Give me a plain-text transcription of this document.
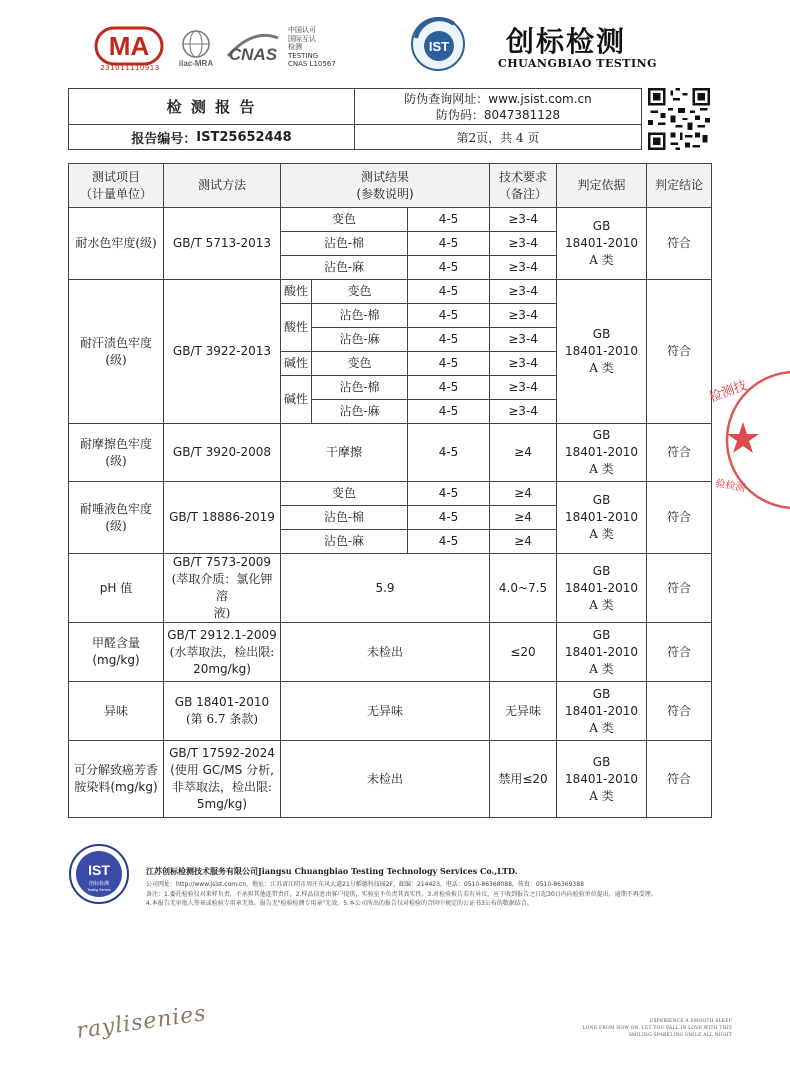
MA
231011110913	ilac-MRA CNAS
中国认可
国际互认
检测
TESTING
CNAS L10567
IST 创标检测
CHUANGBIAO TESTING
检 测 报 告	防伪查询网址：www.jsist.com.cn
防伪码：8047381128
报告编号： IST25652448	第2页，共 4 页
测试项目
（计量单位）	测试方法	测试结果
(参数说明)			技术要求
（备注）	判定依据	判定结论
耐水色牢度(级)	GB/T 5713-2013	变色		4-5	≥3-4	GB
18401-2010
A 类	符合
		沾色-棉		4-5	≥3-4		
		沾色-麻		4-5	≥3-4		
耐汗渍色牢度
(级)	GB/T 3922-2013	酸性	变色	4-5	≥3-4	GB
18401-2010
A 类	符合
		酸性	沾色-棉	4-5	≥3-4		
			沾色-麻	4-5	≥3-4		
		碱性	变色	4-5	≥3-4		
		碱性	沾色-棉	4-5	≥3-4		
			沾色-麻	4-5	≥3-4		
耐摩擦色牢度
(级)	GB/T 3920-2008	干摩擦		4-5	≥4	GB
18401-2010
A 类	符合
耐唾液色牢度
(级)	GB/T 18886-2019	变色		4-5	≥4	GB
18401-2010
A 类	符合
		沾色-棉		4-5	≥4		
		沾色-麻		4-5	≥4		
pH 值	GB/T 7573-2009
(萃取介质：氯化钾溶
液)	5.9			4.0~7.5	GB
18401-2010
A 类	符合
甲醛含量
(mg/kg)	GB/T 2912.1-2009
(水萃取法，检出限:
20mg/kg)	未检出			≤20	GB
18401-2010
A 类	符合
异味	GB 18401-2010
(第 6.7 条款)	无异味			无异味	GB
18401-2010
A 类	符合
可分解致癌芳香
胺染料(mg/kg)	GB/T 17592-2024
(使用 GC/MS 分析,
非萃取法，检出限:
5mg/kg)	未检出			禁用≤20	GB
18401-2010
A 类	符合
检测技
验检测
IST
创标检测
Testing Service
江苏创标检测技术服务有限公司Jiangsu Chuangbiao Testing Technology Services Co.,LTD.
公司网址：http://www.jsist.com.cn，地址：江苏省江阴市周庄东风大道21号稻德科技园2F，邮编：214423，电话：0510-86368088，传真：0510-86369388
备注：1.委托检验仅对来样负责，不承担其他连带责任。2.样品信息由客户提供，实验室不负责其真实性。3.对检验报告若有异议，应于收到报告之日起30日内向检验单位提出，逾期不再受理。
4.本报告无审批人签章或检验专用章无效。报告无"检验检测专用章"无效。5.本公司所出的报告仅对检验的合同中规定的公证书3公布的数据结合。
raylisenies	EXPERIENCE A SMOOTH SLEEP
LONG FROM NOW ON, LET YOU FALL IN LOVE WITH THIS
SMILING SPARKLING SMILE ALL NIGHT
